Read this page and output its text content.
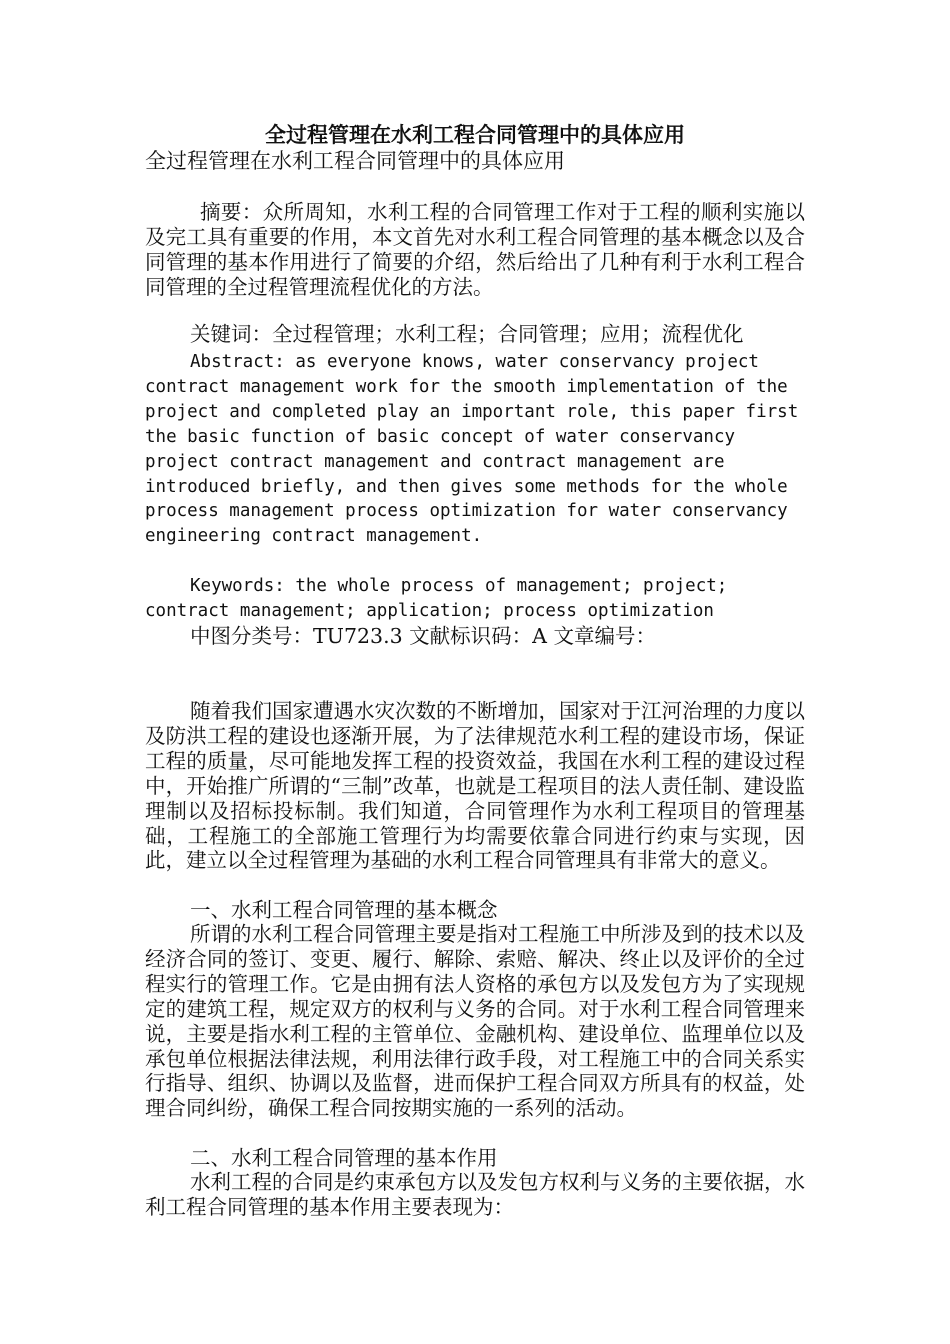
全过程管理在水利工程合同管理中的具体应用
全过程管理在水利工程合同管理中的具体应用
摘要：众所周知，水利工程的合同管理工作对于工程的顺利实施以及完工具有重要的作用，本文首先对水利工程合同管理的基本概念以及合同管理的基本作用进行了简要的介绍，然后给出了几种有利于水利工程合同管理的全过程管理流程优化的方法。
关键词：全过程管理；水利工程；合同管理；应用；流程优化
Abstract: as everyone knows, water conservancy project contract management work for the smooth implementation of the project and completed play an important role, this paper first the basic function of basic concept of water conservancy project contract management and contract management are introduced briefly, and then gives some methods for the whole process management process optimization for water conservancy engineering contract management.
Keywords: the whole process of management; project; contract management; application; process optimization
中图分类号：TU723.3 文献标识码：A 文章编号：
随着我们国家遭遇水灾次数的不断增加，国家对于江河治理的力度以及防洪工程的建设也逐渐开展，为了法律规范水利工程的建设市场，保证工程的质量，尽可能地发挥工程的投资效益，我国在水利工程的建设过程中，开始推广所谓的“三制”改革，也就是工程项目的法人责任制、建设监理制以及招标投标制。我们知道，合同管理作为水利工程项目的管理基础，工程施工的全部施工管理行为均需要依靠合同进行约束与实现，因此，建立以全过程管理为基础的水利工程合同管理具有非常大的意义。
一、水利工程合同管理的基本概念
所谓的水利工程合同管理主要是指对工程施工中所涉及到的技术以及经济合同的签订、变更、履行、解除、索赔、解决、终止以及评价的全过程实行的管理工作。它是由拥有法人资格的承包方以及发包方为了实现规定的建筑工程，规定双方的权利与义务的合同。对于水利工程合同管理来说，主要是指水利工程的主管单位、金融机构、建设单位、监理单位以及承包单位根据法律法规，利用法律行政手段，对工程施工中的合同关系实行指导、组织、协调以及监督，进而保护工程合同双方所具有的权益，处理合同纠纷，确保工程合同按期实施的一系列的活动。
二、水利工程合同管理的基本作用
水利工程的合同是约束承包方以及发包方权利与义务的主要依据，水利工程合同管理的基本作用主要表现为：
